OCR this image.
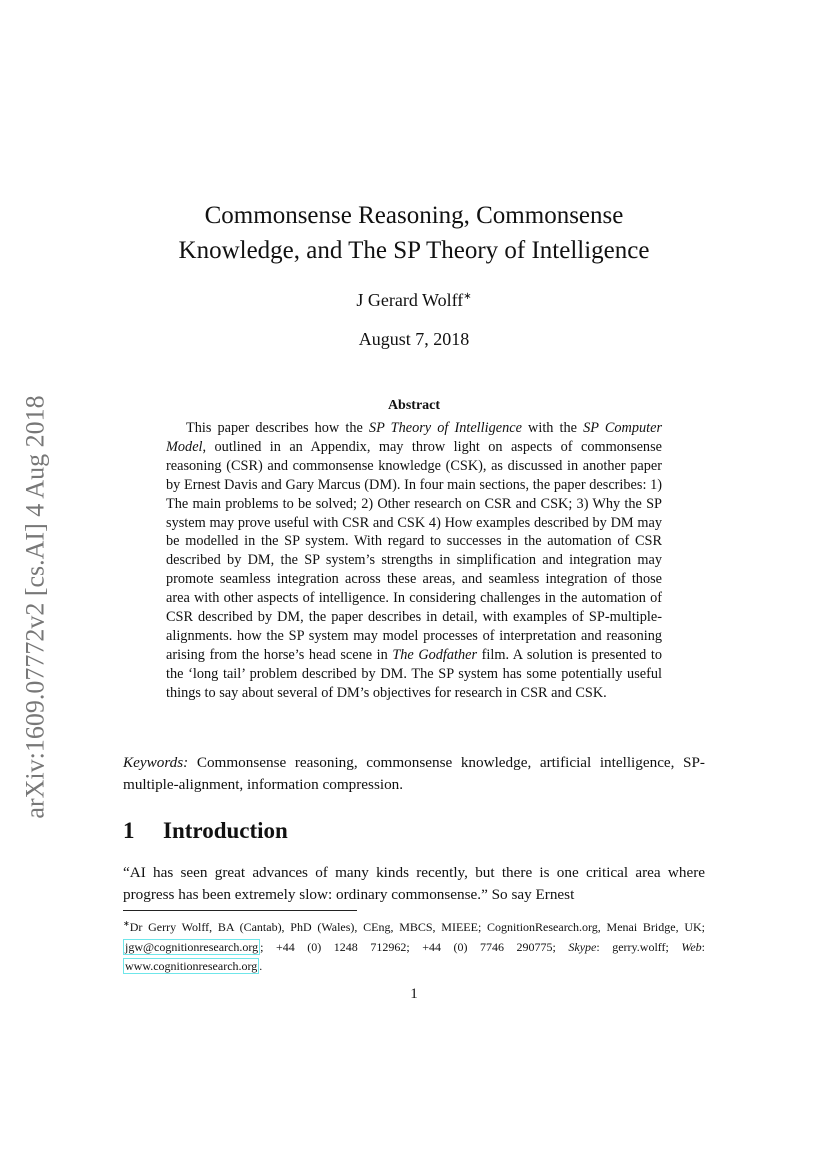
arXiv:1609.07772v2 [cs.AI] 4 Aug 2018
Commonsense Reasoning, Commonsense
Knowledge, and The SP Theory of Intelligence
J Gerard Wolff∗
August 7, 2018
Abstract
This paper describes how the SP Theory of Intelligence with the SP Computer Model, outlined in an Appendix, may throw light on aspects of commonsense reasoning (CSR) and commonsense knowledge (CSK), as discussed in another paper by Ernest Davis and Gary Marcus (DM). In four main sections, the paper describes: 1) The main problems to be solved; 2) Other research on CSR and CSK; 3) Why the SP system may prove useful with CSR and CSK 4) How examples described by DM may be modelled in the SP system. With regard to successes in the automation of CSR described by DM, the SP system’s strengths in simplification and integration may promote seamless integration across these areas, and seamless integration of those area with other aspects of intelligence. In considering challenges in the automation of CSR described by DM, the paper describes in detail, with examples of SP-multiple-alignments. how the SP system may model processes of interpretation and reasoning arising from the horse’s head scene in The Godfather film. A solution is presented to the ‘long tail’ problem described by DM. The SP system has some potentially useful things to say about several of DM’s objectives for research in CSR and CSK.
Keywords: Commonsense reasoning, commonsense knowledge, artificial intelligence, SP-multiple-alignment, information compression.
1 Introduction
“AI has seen great advances of many kinds recently, but there is one critical area where progress has been extremely slow: ordinary commonsense.” So say Ernest
∗Dr Gerry Wolff, BA (Cantab), PhD (Wales), CEng, MBCS, MIEEE; CognitionResearch.org, Menai Bridge, UK; jgw@cognitionresearch.org ; +44 (0) 1248 712962; +44 (0) 7746 290775; Skype: gerry.wolff; Web: www.cognitionresearch.org .
1
